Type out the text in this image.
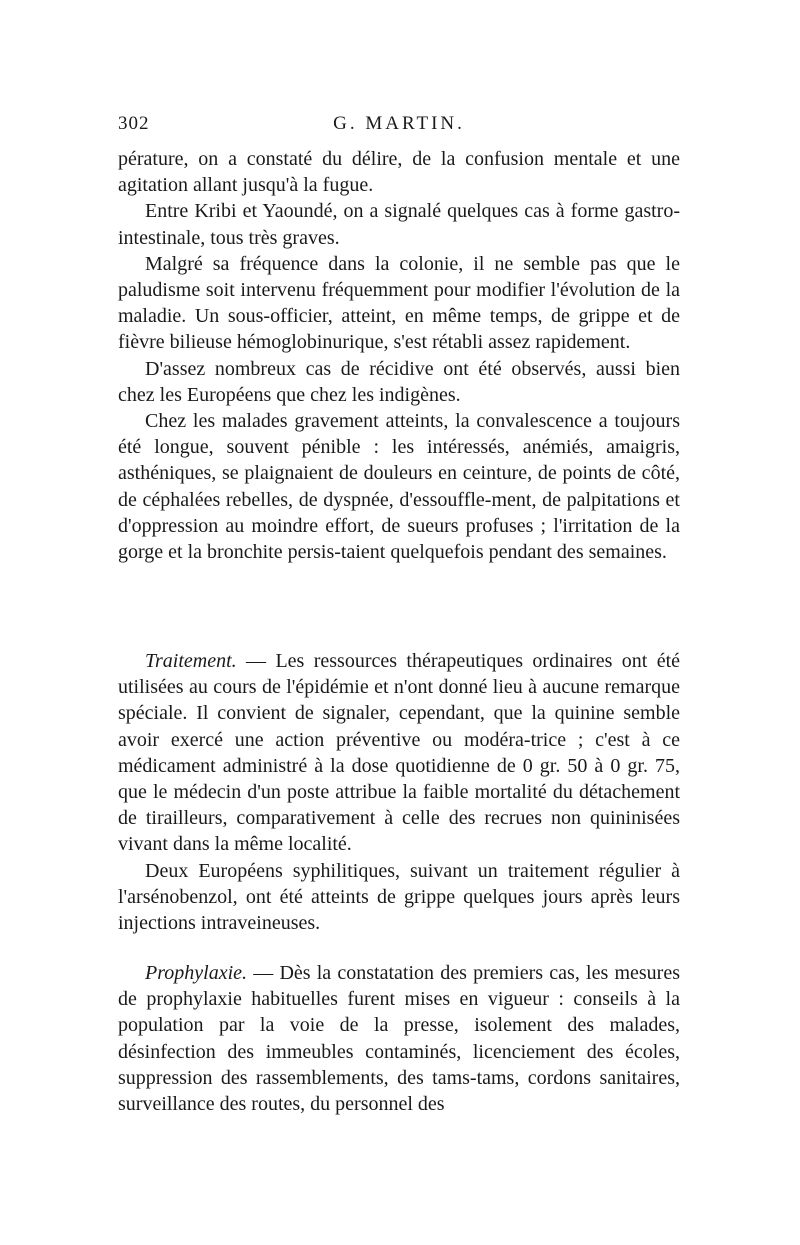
302	G. MARTIN.

pérature, on a constaté du délire, de la confusion mentale et une agitation allant jusqu'à la fugue.

Entre Kribi et Yaoundé, on a signalé quelques cas à forme gastro-intestinale, tous très graves.

Malgré sa fréquence dans la colonie, il ne semble pas que le paludisme soit intervenu fréquemment pour modifier l'évolution de la maladie. Un sous-officier, atteint, en même temps, de grippe et de fièvre bilieuse hémoglobinurique, s'est rétabli assez rapidement.

D'assez nombreux cas de récidive ont été observés, aussi bien chez les Européens que chez les indigènes.

Chez les malades gravement atteints, la convalescence a toujours été longue, souvent pénible : les intéressés, anémiés, amaigris, asthéniques, se plaignaient de douleurs en ceinture, de points de côté, de céphalées rebelles, de dyspnée, d'essouffle-ment, de palpitations et d'oppression au moindre effort, de sueurs profuses ; l'irritation de la gorge et la bronchite persis-taient quelquefois pendant des semaines.

Traitement. — Les ressources thérapeutiques ordinaires ont été utilisées au cours de l'épidémie et n'ont donné lieu à aucune remarque spéciale. Il convient de signaler, cependant, que la quinine semble avoir exercé une action préventive ou modéra-trice ; c'est à ce médicament administré à la dose quotidienne de 0 gr. 50 à 0 gr. 75, que le médecin d'un poste attribue la faible mortalité du détachement de tirailleurs, comparativement à celle des recrues non quininisées vivant dans la même localité.

Deux Européens syphilitiques, suivant un traitement régulier à l'arsénobenzol, ont été atteints de grippe quelques jours après leurs injections intraveineuses.

Prophylaxie. — Dès la constatation des premiers cas, les mesures de prophylaxie habituelles furent mises en vigueur : conseils à la population par la voie de la presse, isolement des malades, désinfection des immeubles contaminés, licenciement des écoles, suppression des rassemblements, des tams-tams, cordons sanitaires, surveillance des routes, du personnel des
